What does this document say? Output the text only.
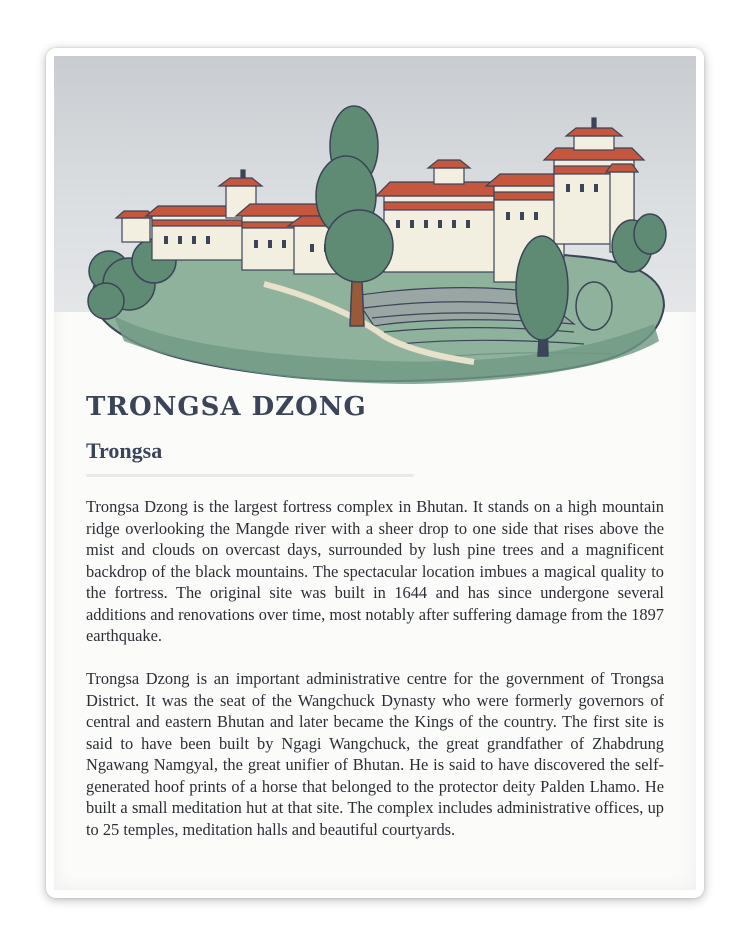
TRONGSA DZONG
Trongsa

Trongsa Dzong is the largest fortress complex in Bhutan. It stands on a high mountain ridge overlooking the Mangde river with a sheer drop to one side that rises above the mist and clouds on overcast days, surrounded by lush pine trees and a magnificent backdrop of the black mountains. The spectacular location imbues a magical quality to the fortress. The original site was built in 1644 and has since undergone several additions and renovations over time, most notably after suffering damage from the 1897 earthquake.

Trongsa Dzong is an important administrative centre for the government of Trongsa District. It was the seat of the Wangchuck Dynasty who were formerly governors of central and eastern Bhutan and later became the Kings of the country. The first site is said to have been built by Ngagi Wangchuck, the great grandfather of Zhabdrung Ngawang Namgyal, the great unifier of Bhutan. He is said to have discovered the self-generated hoof prints of a horse that belonged to the protector deity Palden Lhamo. He built a small meditation hut at that site. The complex includes administrative offices, up to 25 temples, meditation halls and beautiful courtyards.
